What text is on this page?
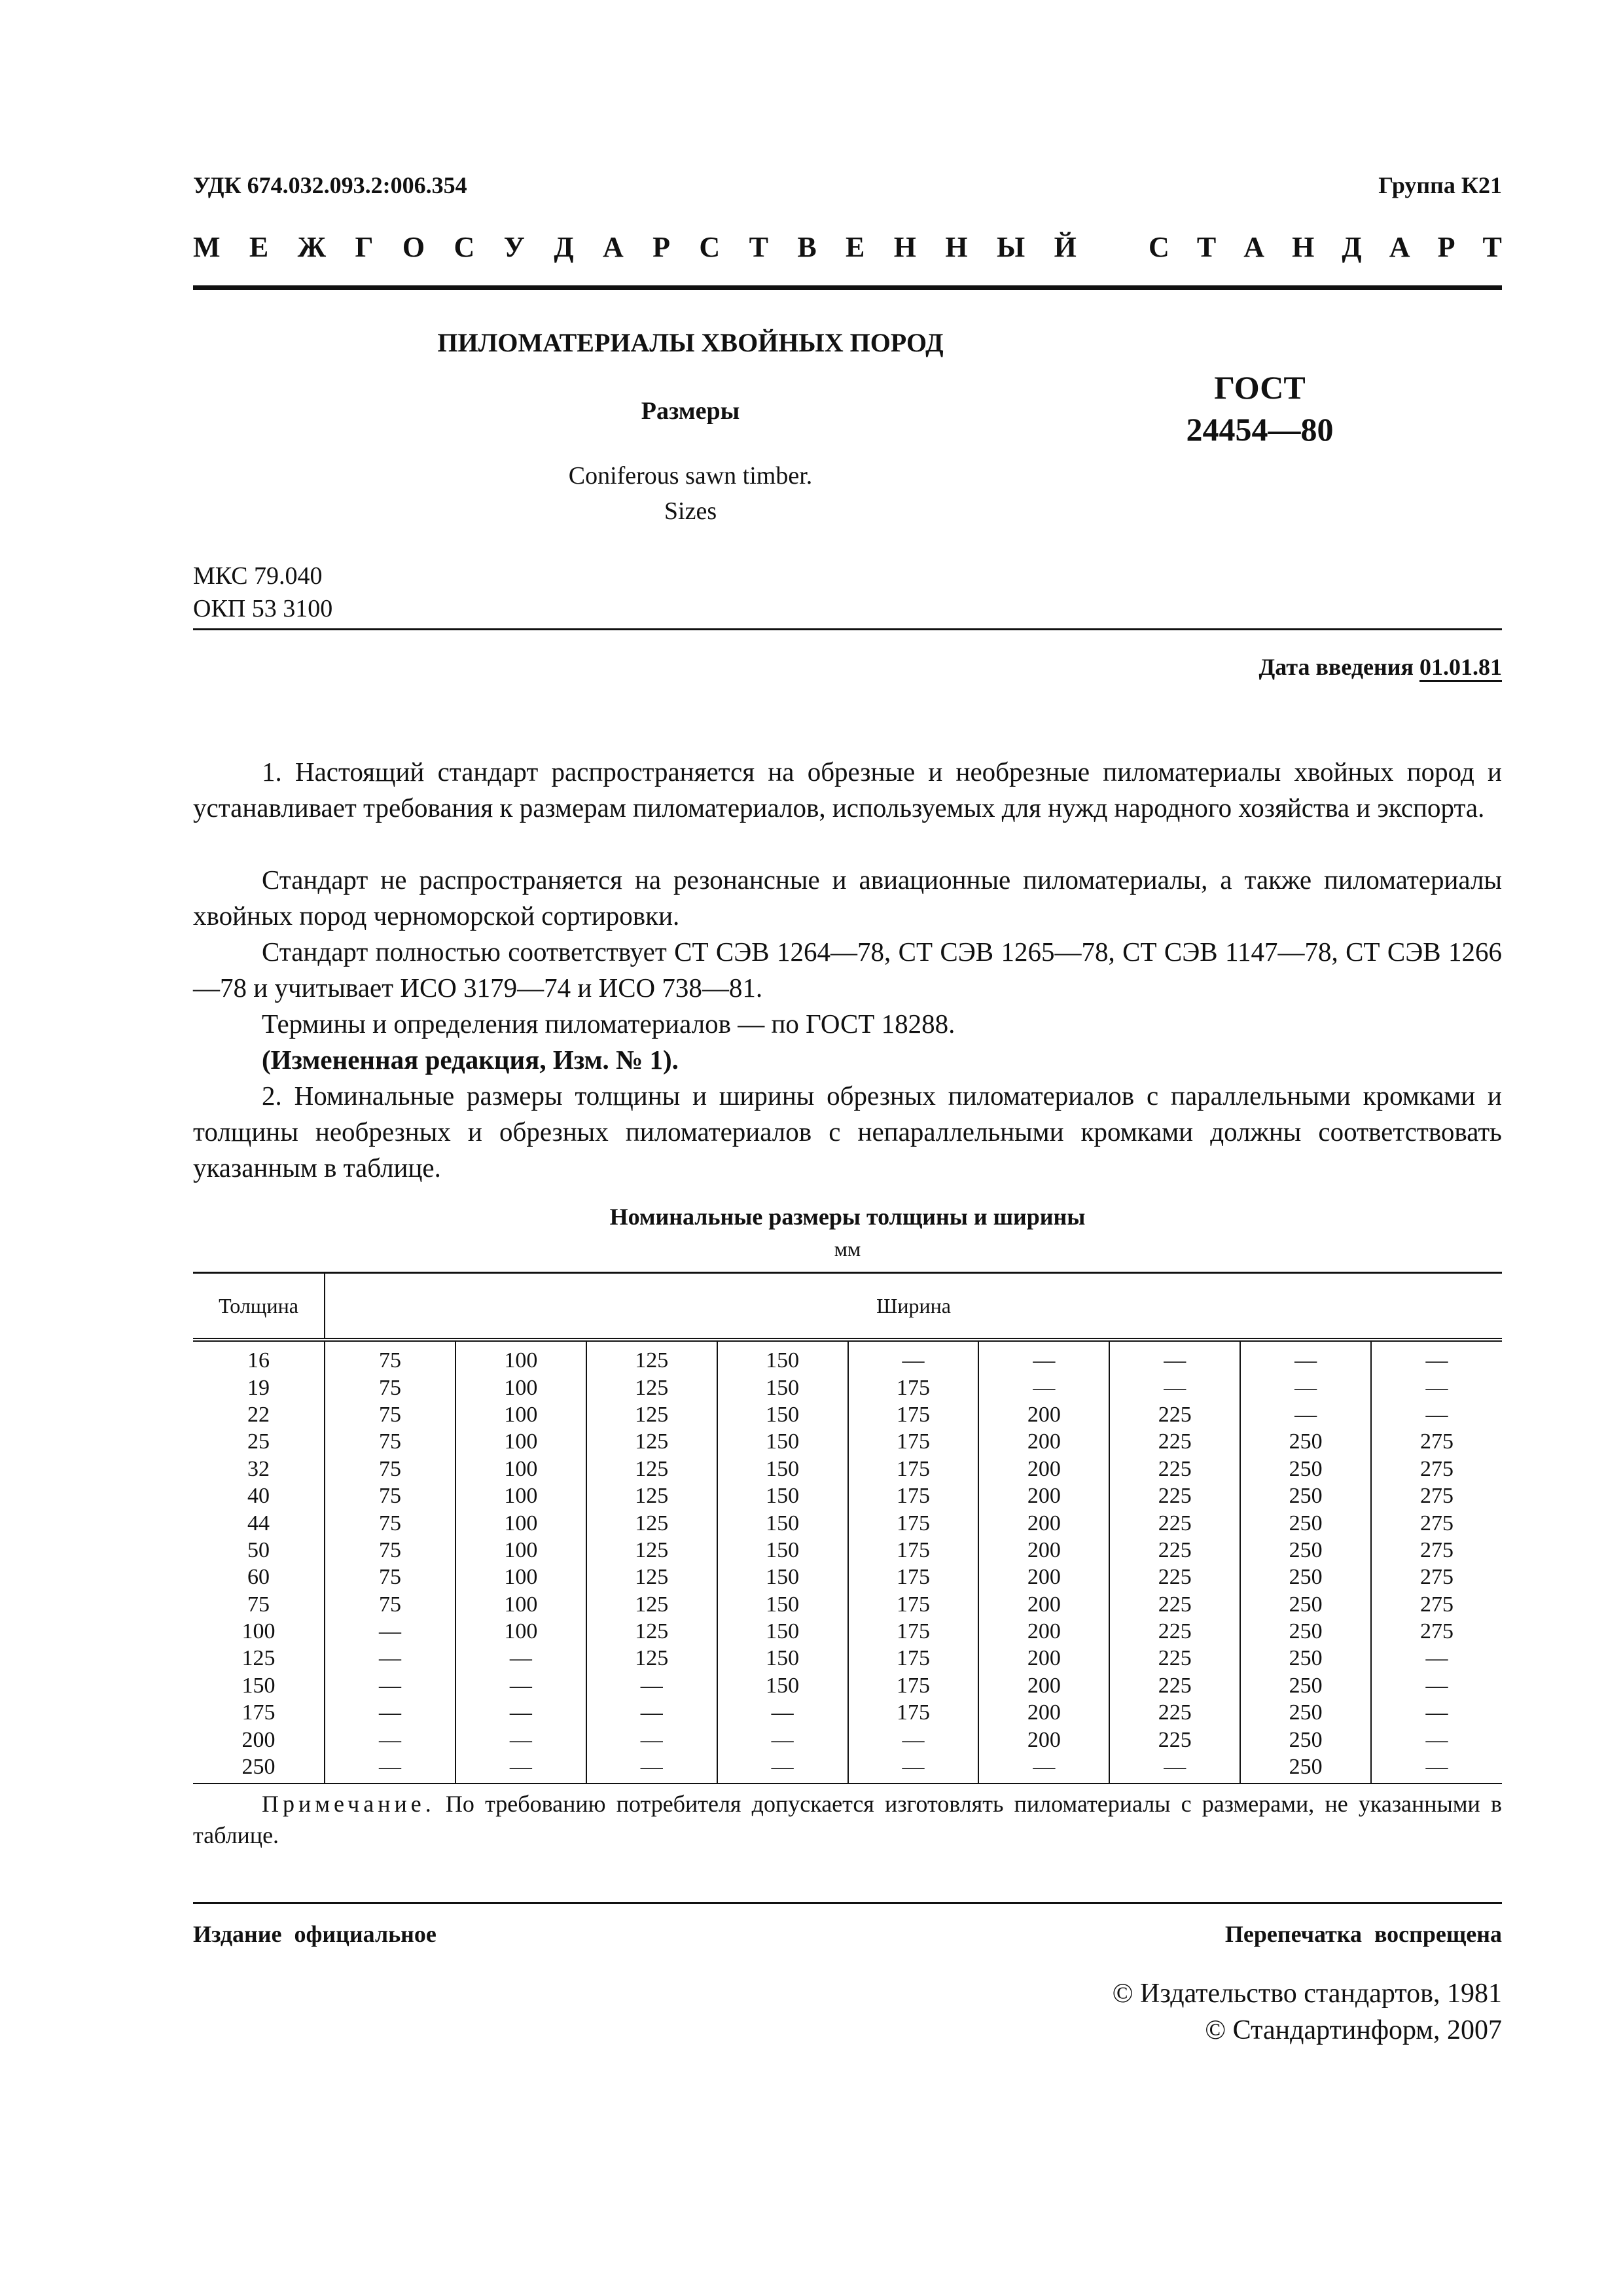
УДК 674.032.093.2:006.354	Группа К21
М Е Ж Г О С У Д А Р С Т В Е Н Н Ы Й	С Т А Н Д А Р Т
ПИЛОМАТЕРИАЛЫ ХВОЙНЫХ ПОРОД
Размеры
ГОСТ
24454—80
Coniferous sawn timber.
Sizes
МКС 79.040
ОКП 53 3100
Дата введения 01.01.81
1. Настоящий стандарт распространяется на обрезные и необрезные пиломатериалы хвойных пород и устанавливает требования к размерам пиломатериалов, используемых для нужд народного хозяйства и экспорта.
Стандарт не распространяется на резонансные и авиационные пиломатериалы, а также пиломатериалы хвойных пород черноморской сортировки.
Стандарт полностью соответствует СТ СЭВ 1264—78, СТ СЭВ 1265—78, СТ СЭВ 1147—78, СТ СЭВ 1266—78 и учитывает ИСО 3179—74 и ИСО 738—81.
Термины и определения пиломатериалов — по ГОСТ 18288.
(Измененная редакция, Изм. № 1).
2. Номинальные размеры толщины и ширины обрезных пиломатериалов с параллельными кромками и толщины необрезных и обрезных пиломатериалов с непараллельными кромками должны соответствовать указанным в таблице.
Номинальные размеры толщины и ширины
мм
Толщина	Ширина								
16	75	100	125	150	—	—	—	—	—
19	75	100	125	150	175	—	—	—	—
22	75	100	125	150	175	200	225	—	—
25	75	100	125	150	175	200	225	250	275
32	75	100	125	150	175	200	225	250	275
40	75	100	125	150	175	200	225	250	275
44	75	100	125	150	175	200	225	250	275
50	75	100	125	150	175	200	225	250	275
60	75	100	125	150	175	200	225	250	275
75	75	100	125	150	175	200	225	250	275
100	—	100	125	150	175	200	225	250	275
125	—	—	125	150	175	200	225	250	—
150	—	—	—	150	175	200	225	250	—
175	—	—	—	—	175	200	225	250	—
200	—	—	—	—	—	200	225	250	—
250	—	—	—	—	—	—	—	250	—
Примечание. По требованию потребителя допускается изготовлять пиломатериалы с размерами, не указанными в таблице.
Издание официальное	Перепечатка воспрещена
© Издательство стандартов, 1981
© Стандартинформ, 2007
